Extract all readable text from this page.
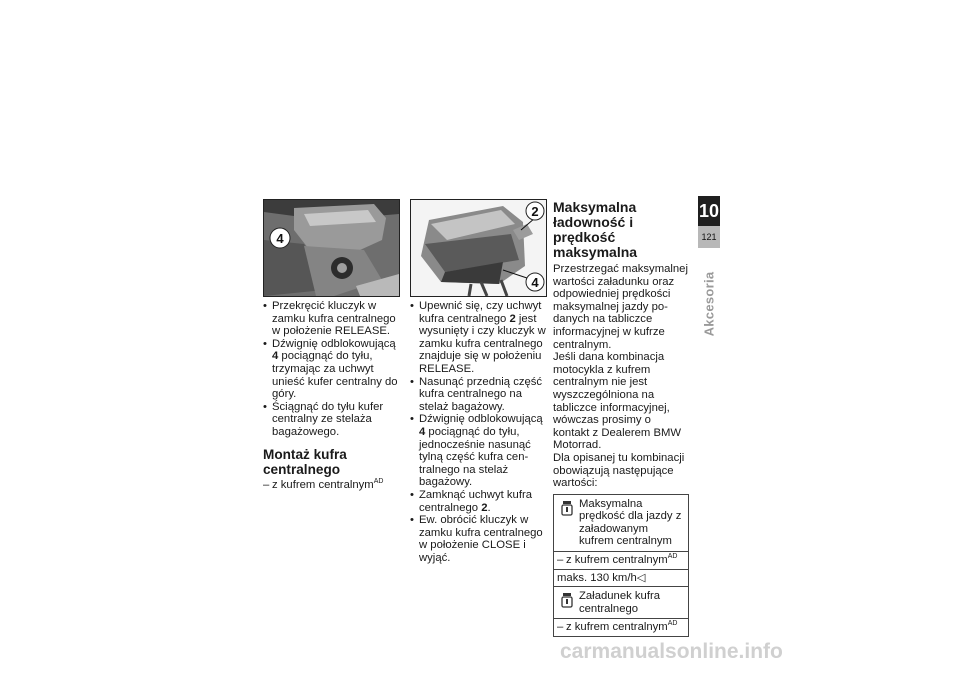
4
• Przekręcić kluczyk w zamku kufra centralnego w położenie RELEASE.
• Dźwignię odblokowującą 4 pociągnąć do tyłu, trzymając za uchwyt unieść kufer centralny do góry.
• Ściągnąć do tyłu kufer centralny ze stelaża bagażowego.
Montaż kufra centralnego
– z kufrem centralnym$^{AD}$
2
4
• Upewnić się, czy uchwyt kufra centralnego 2 jest wysunięty i czy kluczyk w zamku kufra centralnego znajduje się w położeniu RELEASE.
• Nasunąć przednią część kufra centralnego na stelaż bagażowy.
• Dźwignię odblokowującą 4 pociągnąć do tyłu, jednocześnie nasunąć tylną część kufra centralnego na stelaż bagażowy.
• Zamknąć uchwyt kufra centralnego 2.
• Ew. obrócić kluczyk w zamku kufra centralnego w położenie CLOSE i wyjąć.
Maksymalna ładowność i prędkość maksymalna
Przestrzegać maksymalnej wartości załadunku oraz odpowiedniej prędkości maksymalnej jazdy podanych na tabliczce informacyjnej w kufrze centralnym.
Jeśli dana kombinacja motocykla z kufrem centralnym nie jest wyszczególniona na tabliczce informacyjnej, wówczas prosimy o kontakt z Dealerem BMW Motorrad.
Dla opisanej tu kombinacji obowiązują następujące wartości:
Maksymalna prędkość dla jazdy z załadowanym kufrem centralnym
– z kufrem centralnym$^{AD}$
maks. 130 km/h◁
Załadunek kufra centralnego
– z kufrem centralnym$^{AD}$
10
121
Akcesoria
carmanualsonline.info
